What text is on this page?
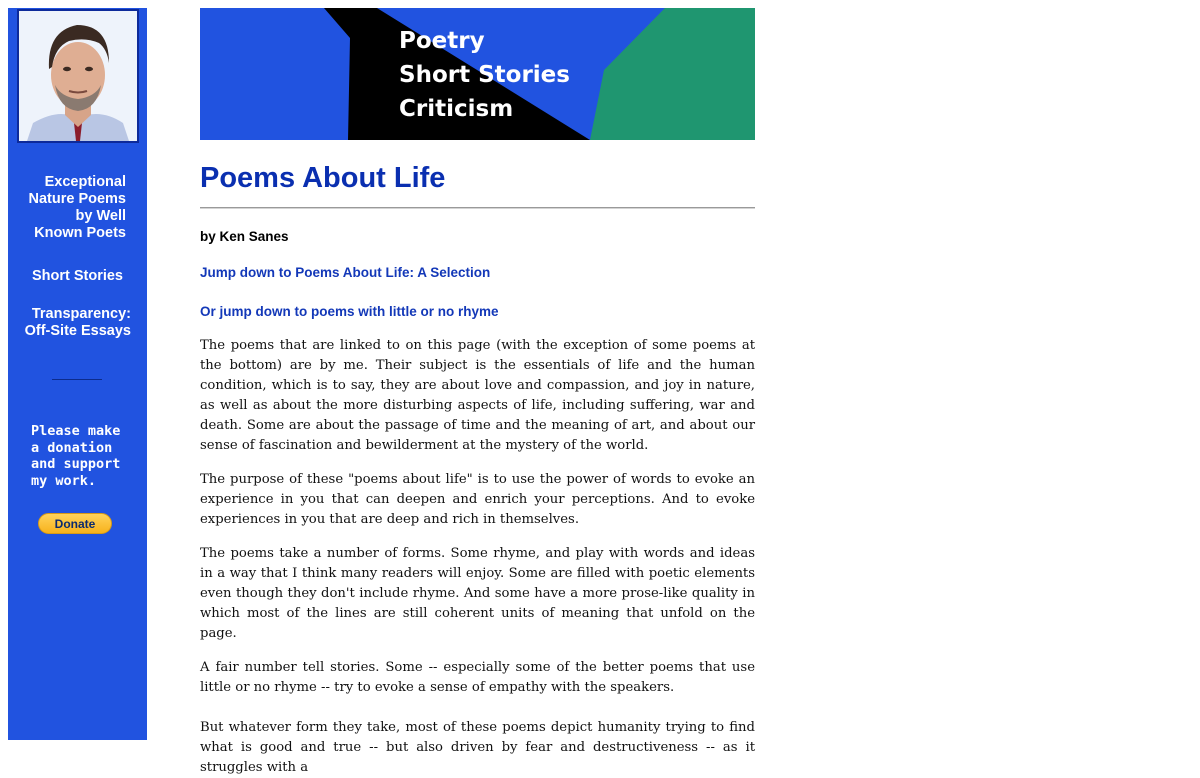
Exceptional
Nature Poems
by Well
Known Poets
Short Stories
Transparency:
Off-Site Essays
Please make
a donation
and support
my work.
Donate
Poetry
Short Stories
Criticism
Poems About Life
by Ken Sanes
Jump down to Poems About Life: A Selection
Or jump down to poems with little or no rhyme

The poems that are linked to on this page (with the exception of some poems at the bottom) are by me. Their subject is the essentials of life and the human condition, which is to say, they are about love and compassion, and joy in nature, as well as about the more disturbing aspects of life, including suffering, war and death. Some are about the passage of time and the meaning of art, and about our sense of fascination and bewilderment at the mystery of the world.

The purpose of these "poems about life" is to use the power of words to evoke an experience in you that can deepen and enrich your perceptions. And to evoke experiences in you that are deep and rich in themselves.

The poems take a number of forms. Some rhyme, and play with words and ideas in a way that I think many readers will enjoy. Some are filled with poetic elements even though they don't include rhyme. And some have a more prose-like quality in which most of the lines are still coherent units of meaning that unfold on the page.

A fair number tell stories. Some -- especially some of the better poems that use little or no rhyme -- try to evoke a sense of empathy with the speakers.

But whatever form they take, most of these poems depict humanity trying to find what is good and true -- but also driven by fear and destructiveness -- as it struggles with a
